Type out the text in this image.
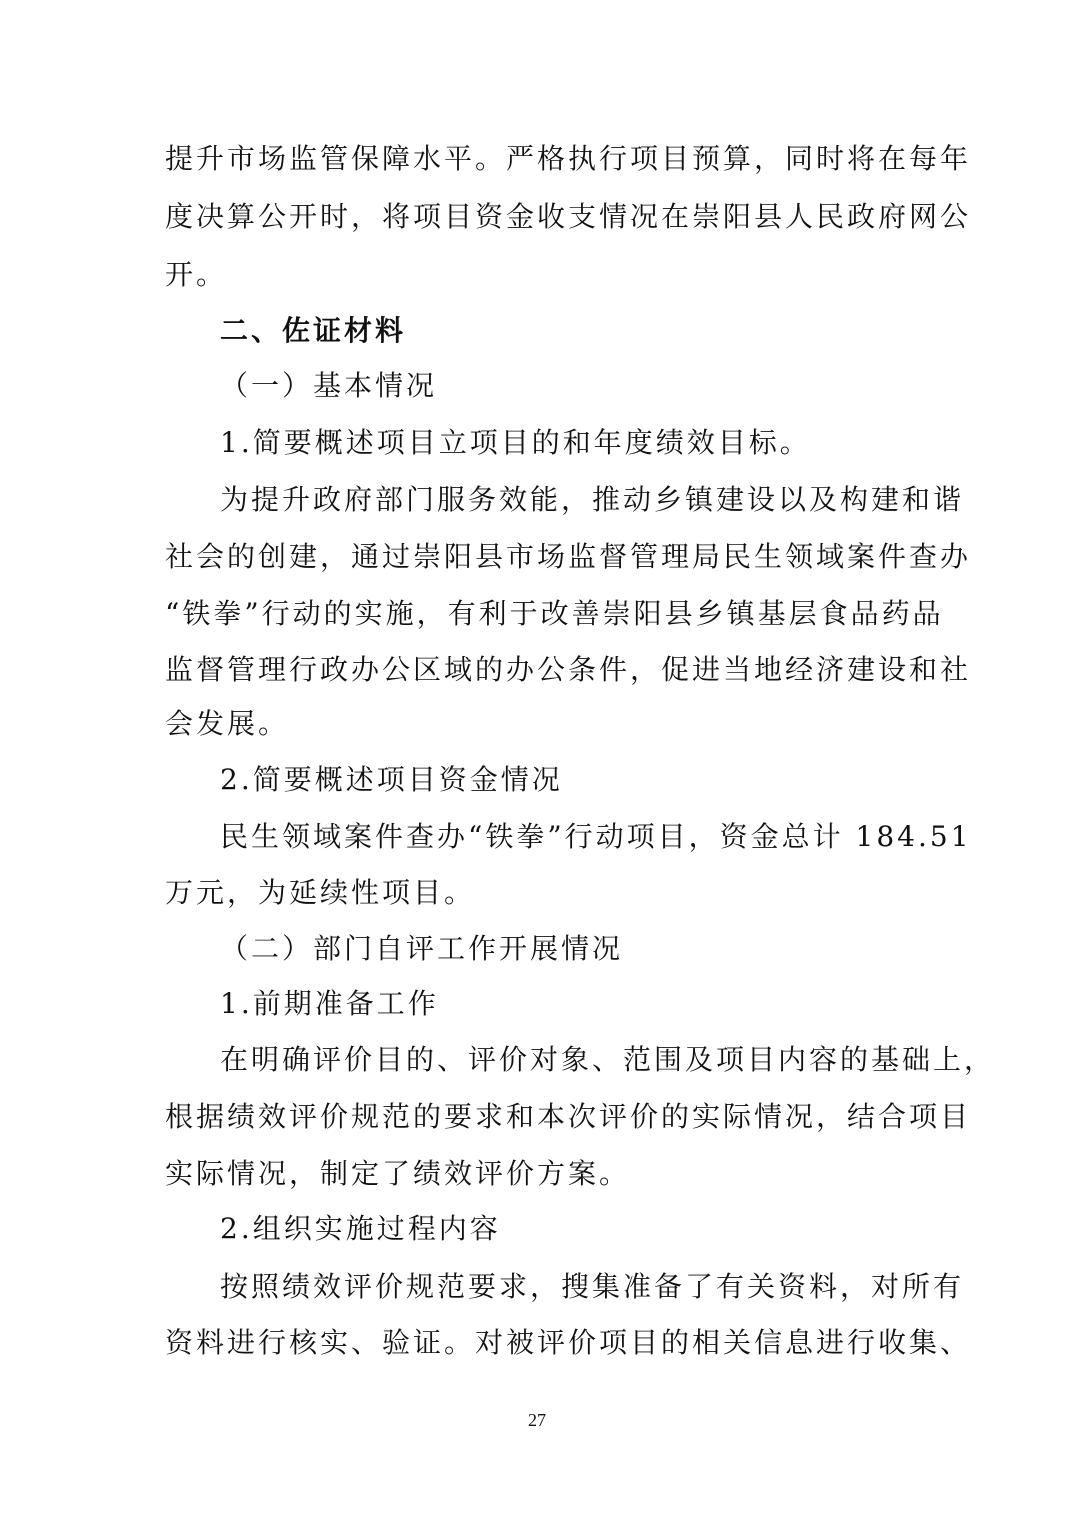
提升市场监管保障水平。严格执行项目预算，同时将在每年
度决算公开时，将项目资金收支情况在崇阳县人民政府网公
开。
二、佐证材料
（一）基本情况
1.简要概述项目立项目的和年度绩效目标。
为提升政府部门服务效能，推动乡镇建设以及构建和谐
社会的创建，通过崇阳县市场监督管理局民生领域案件查办
“铁拳”行动的实施，有利于改善崇阳县乡镇基层食品药品
监督管理行政办公区域的办公条件，促进当地经济建设和社
会发展。
2.简要概述项目资金情况
民生领域案件查办“铁拳”行动项目，资金总计 184.51
万元，为延续性项目。
（二）部门自评工作开展情况
1.前期准备工作
在明确评价目的、评价对象、范围及项目内容的基础上，
根据绩效评价规范的要求和本次评价的实际情况，结合项目
实际情况，制定了绩效评价方案。
2.组织实施过程内容
按照绩效评价规范要求，搜集准备了有关资料，对所有
资料进行核实、验证。对被评价项目的相关信息进行收集、
27
